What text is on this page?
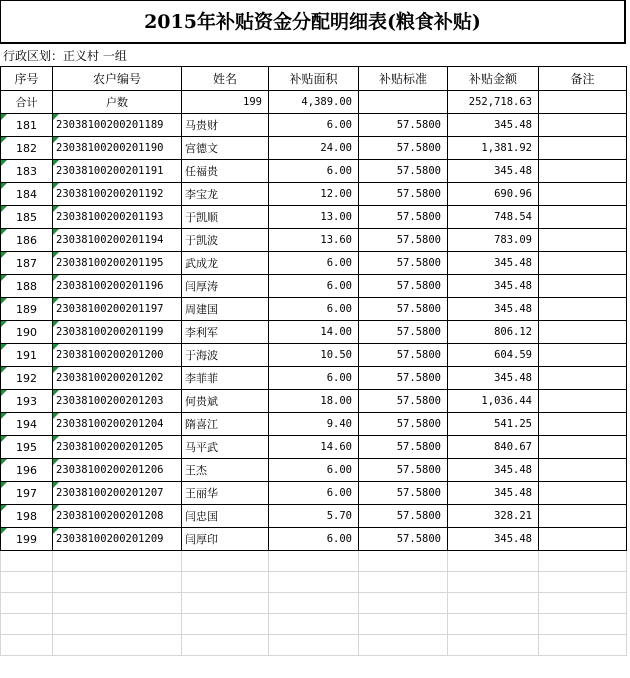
2015年补贴资金分配明细表(粮食补贴)
行政区划：正义村 一组
序号	农户编号	姓名	补贴面积	补贴标准	补贴金额	备注
合计	户数	199	4,389.00		252,718.63	
181	23038100200201189	马贵财	6.00	57.5800	345.48	
182	23038100200201190	宫德文	24.00	57.5800	1,381.92	
183	23038100200201191	任福贵	6.00	57.5800	345.48	
184	23038100200201192	李宝龙	12.00	57.5800	690.96	
185	23038100200201193	于凯顺	13.00	57.5800	748.54	
186	23038100200201194	于凯波	13.60	57.5800	783.09	
187	23038100200201195	武成龙	6.00	57.5800	345.48	
188	23038100200201196	闫厚涛	6.00	57.5800	345.48	
189	23038100200201197	周建国	6.00	57.5800	345.48	
190	23038100200201199	李利军	14.00	57.5800	806.12	
191	23038100200201200	于海波	10.50	57.5800	604.59	
192	23038100200201202	李菲菲	6.00	57.5800	345.48	
193	23038100200201203	何贵斌	18.00	57.5800	1,036.44	
194	23038100200201204	隋喜江	9.40	57.5800	541.25	
195	23038100200201205	马平武	14.60	57.5800	840.67	
196	23038100200201206	王杰	6.00	57.5800	345.48	
197	23038100200201207	王丽华	6.00	57.5800	345.48	
198	23038100200201208	闫忠国	5.70	57.5800	328.21	
199	23038100200201209	闫厚印	6.00	57.5800	345.48	
